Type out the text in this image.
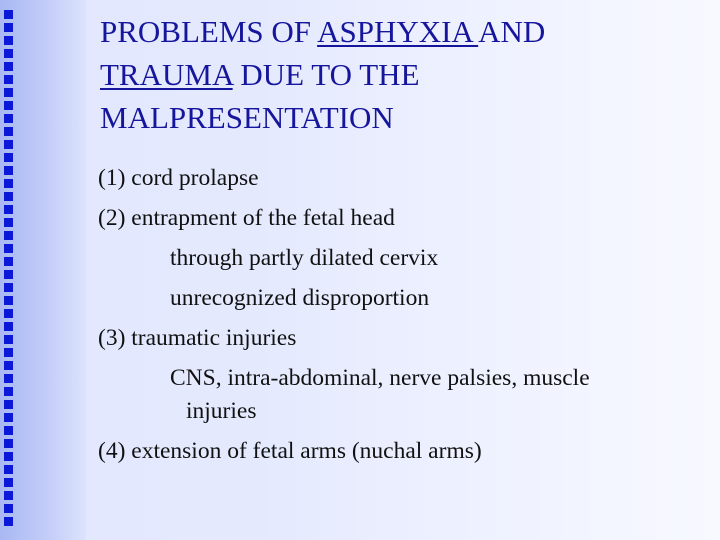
PROBLEMS OF ASPHYXIA AND
TRAUMA DUE TO THE
MALPRESENTATION
(1) cord prolapse
(2) entrapment of the fetal head
through partly dilated cervix
unrecognized disproportion
(3) traumatic injuries
CNS, intra-abdominal, nerve palsies, muscle
injuries
(4) extension of fetal arms (nuchal arms)
